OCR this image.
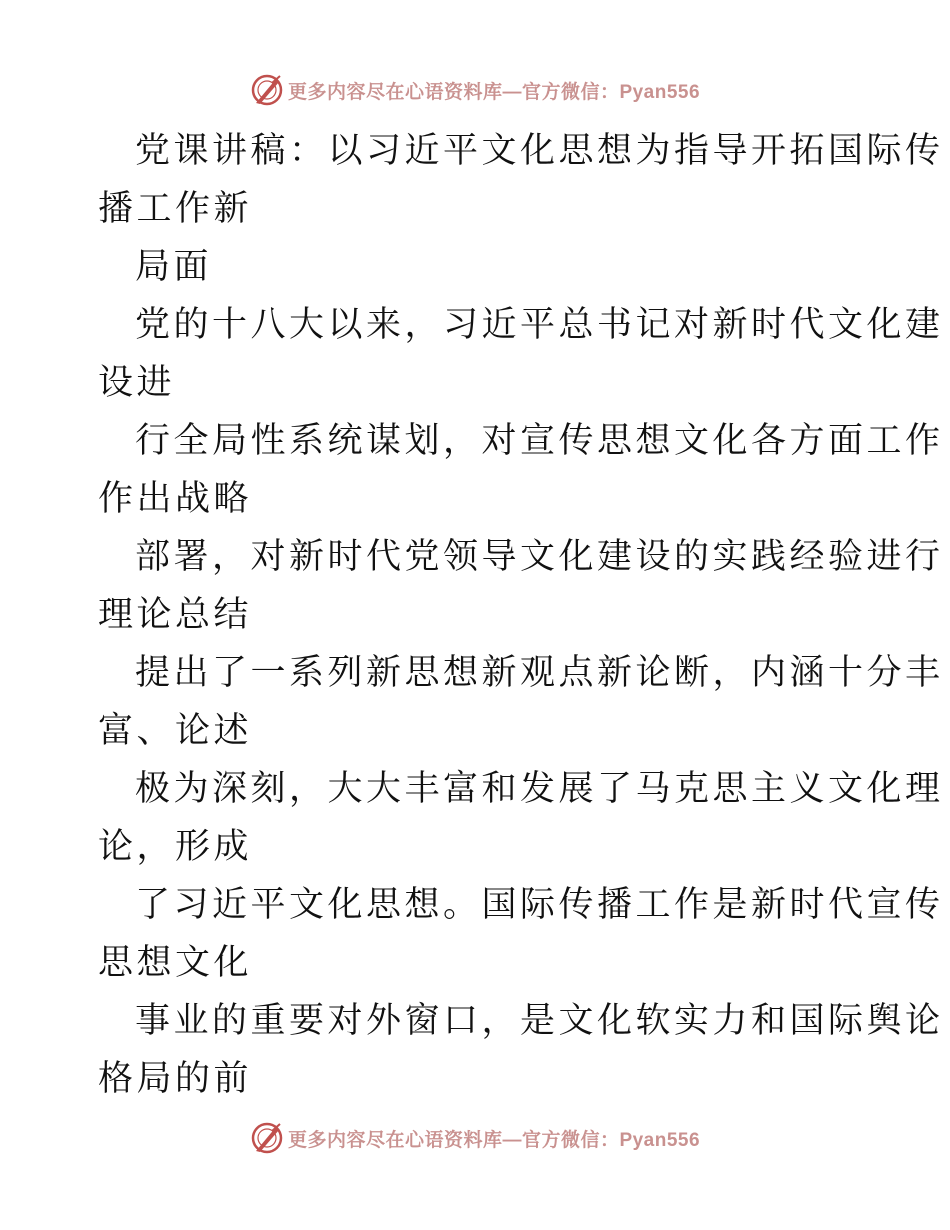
更多内容尽在心语资料库—官方微信：Pyan556
党课讲稿：以习近平文化思想为指导开拓国际传
播工作新
局面
党的十八大以来，习近平总书记对新时代文化建
设进
行全局性系统谋划，对宣传思想文化各方面工作
作出战略
部署，对新时代党领导文化建设的实践经验进行
理论总结
提出了一系列新思想新观点新论断，内涵十分丰
富、论述
极为深刻，大大丰富和发展了马克思主义文化理
论，形成
了习近平文化思想。国际传播工作是新时代宣传
思想文化
事业的重要对外窗口，是文化软实力和国际舆论
格局的前
更多内容尽在心语资料库—官方微信：Pyan556
